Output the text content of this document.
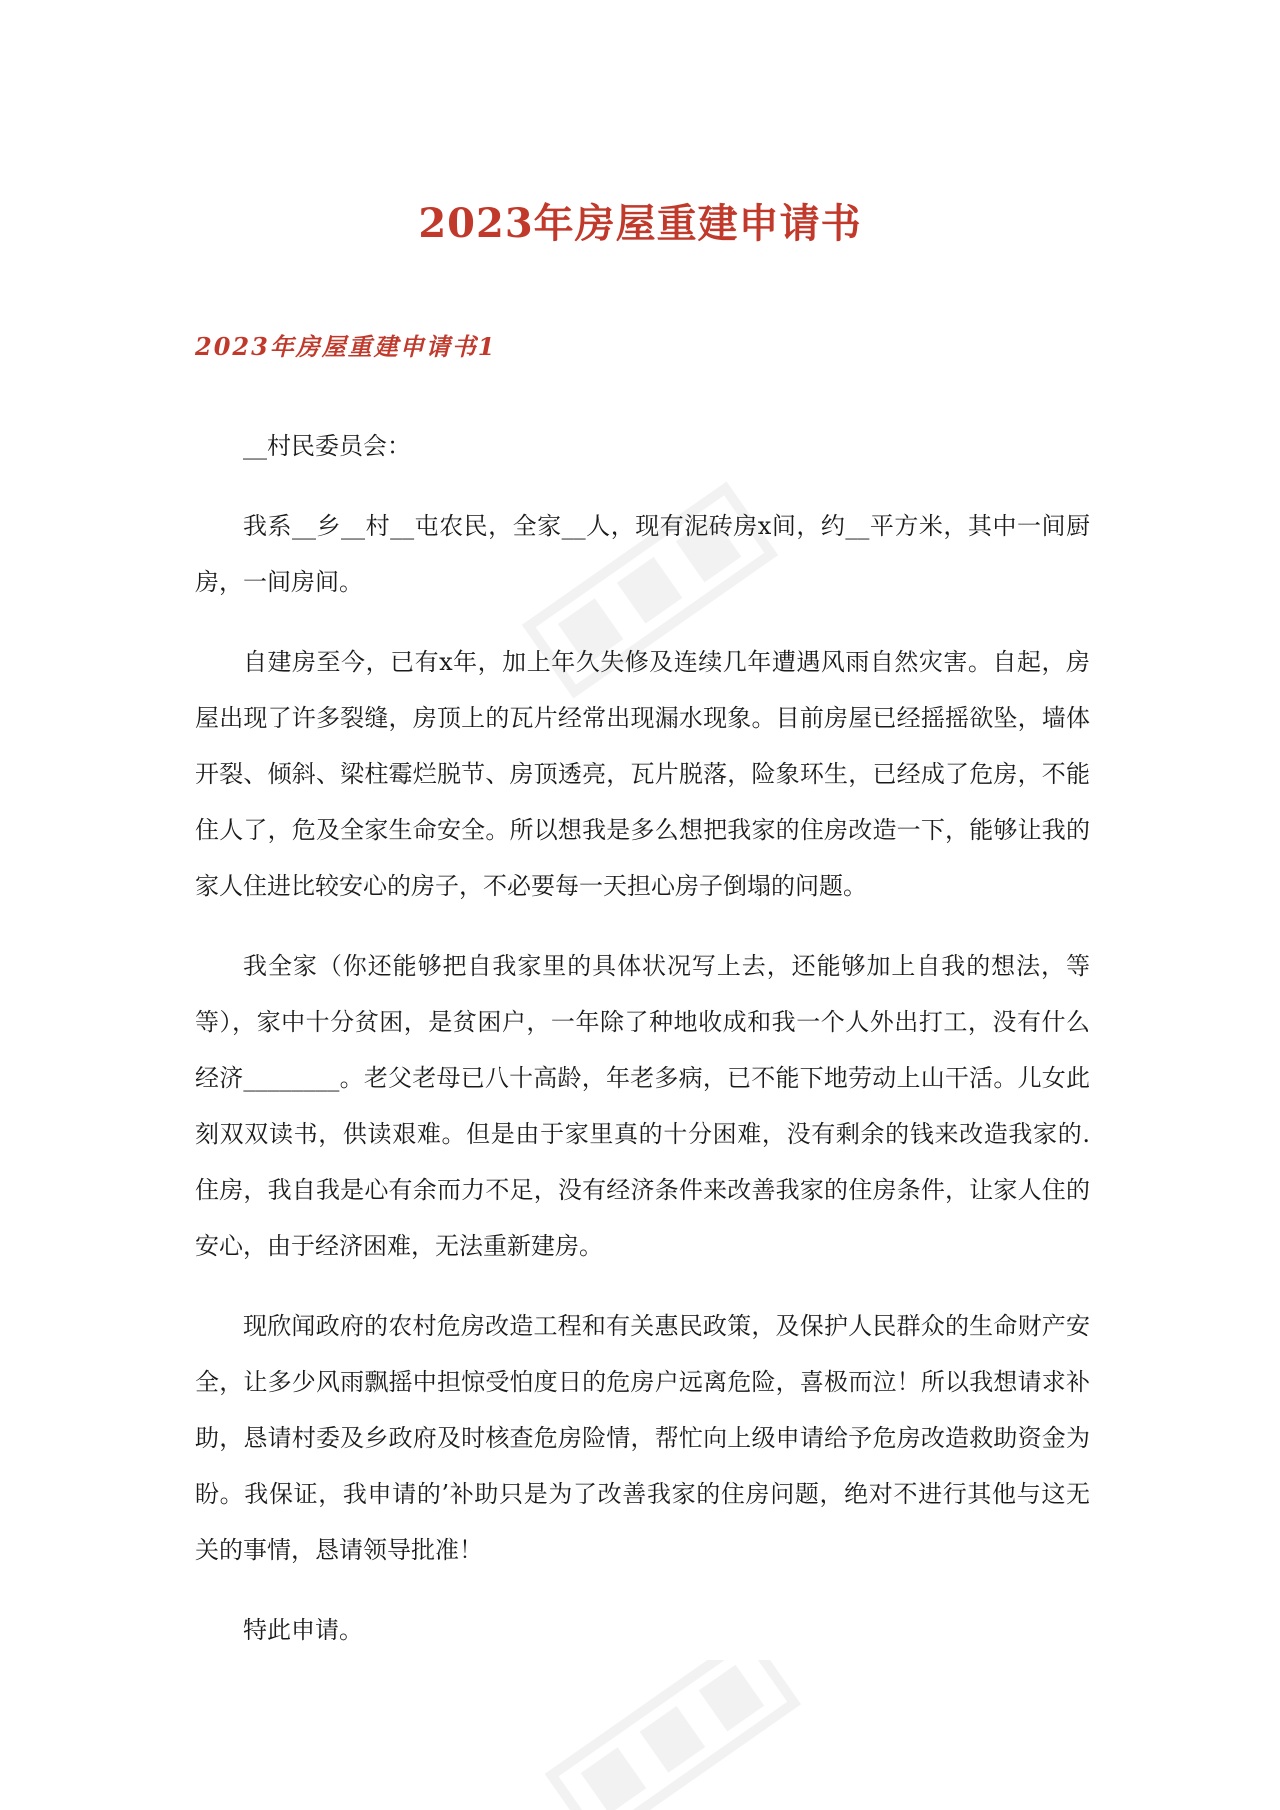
2023年房屋重建申请书
2023年房屋重建申请书1

__村民委员会：

我系__乡__村__屯农民，全家__人，现有泥砖房x间，约__平方米，其中一间厨房，一间房间。

自建房至今，已有x年，加上年久失修及连续几年遭遇风雨自然灾害。自起，房屋出现了许多裂缝，房顶上的瓦片经常出现漏水现象。目前房屋已经摇摇欲坠，墙体开裂、倾斜、梁柱霉烂脱节、房顶透亮，瓦片脱落，险象环生，已经成了危房，不能住人了，危及全家生命安全。所以想我是多么想把我家的住房改造一下，能够让我的家人住进比较安心的房子，不必要每一天担心房子倒塌的问题。

我全家（你还能够把自我家里的具体状况写上去，还能够加上自我的想法，等等），家中十分贫困，是贫困户，一年除了种地收成和我一个人外出打工，没有什么经济________。老父老母已八十高龄，年老多病，已不能下地劳动上山干活。儿女此刻双双读书，供读艰难。但是由于家里真的十分困难，没有剩余的钱来改造我家的.住房，我自我是心有余而力不足，没有经济条件来改善我家的住房条件，让家人住的安心，由于经济困难，无法重新建房。

现欣闻政府的农村危房改造工程和有关惠民政策，及保护人民群众的生命财产安全，让多少风雨飘摇中担惊受怕度日的危房户远离危险，喜极而泣！所以我想请求补助，恳请村委及乡政府及时核查危房险情，帮忙向上级申请给予危房改造救助资金为盼。我保证，我申请的’补助只是为了改善我家的住房问题，绝对不进行其他与这无关的事情，恳请领导批准！

特此申请。
